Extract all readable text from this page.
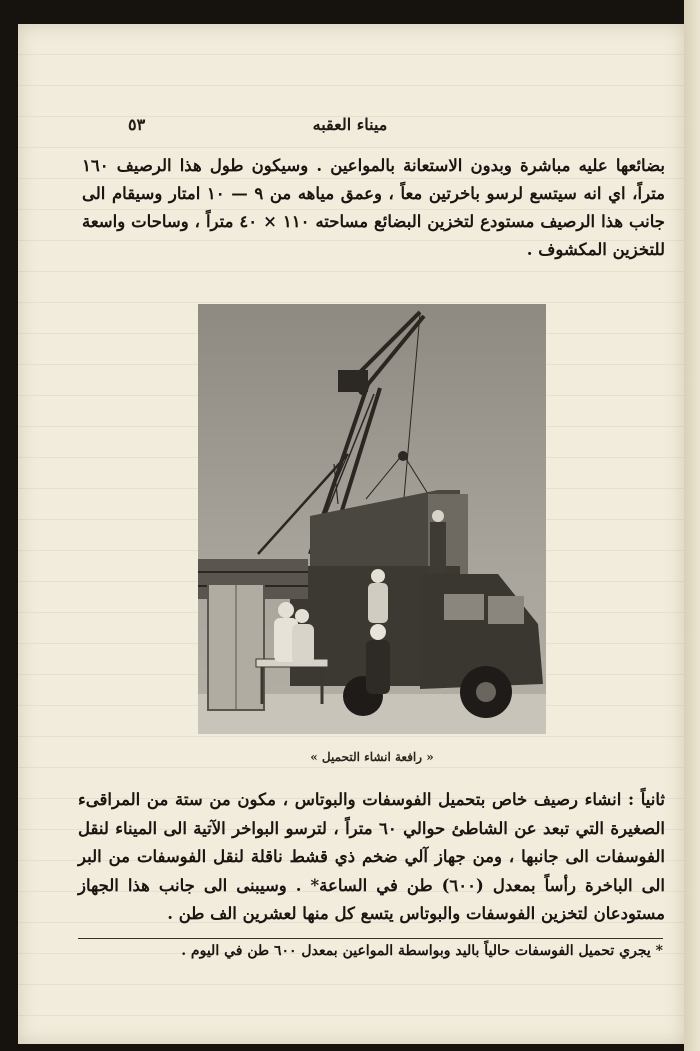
٥٣	ميناء العقبه
بضائعها عليه مباشرة وبدون الاستعانة بالمواعين . وسيكون طول هذا الرصيف ١٦٠ متراً، اي انه سيتسع لرسو باخرتين معاً ، وعمق مياهه من ٩ — ١٠ امتار وسيقام الى جانب هذا الرصيف مستودع لتخزين البضائع مساحته ١١٠ × ٤٠ متراً ، وساحات واسعة للتخزين المكشوف .
« رافعة انشاء التحميل »
ثانياً : انشاء رصيف خاص بتحميل الفوسفات والبوتاس ، مكون من ستة من المراقىء الصغيرة التي تبعد عن الشاطئ حوالي ٦٠ متراً ، لترسو البواخر الآتية الى الميناء لنقل الفوسفات الى جانبها ، ومن جهاز آلي ضخم ذي قشط ناقلة لنقل الفوسفات من البر الى الباخرة رأساً بمعدل (٦٠٠) طن في الساعة* . وسيبنى الى جانب هذا الجهاز مستودعان لتخزين الفوسفات والبوتاس يتسع كل منها لعشرين الف طن .
* يجري تحميل الفوسفات حالياً باليد وبواسطة المواعين بمعدل ٦٠٠ طن في اليوم .
